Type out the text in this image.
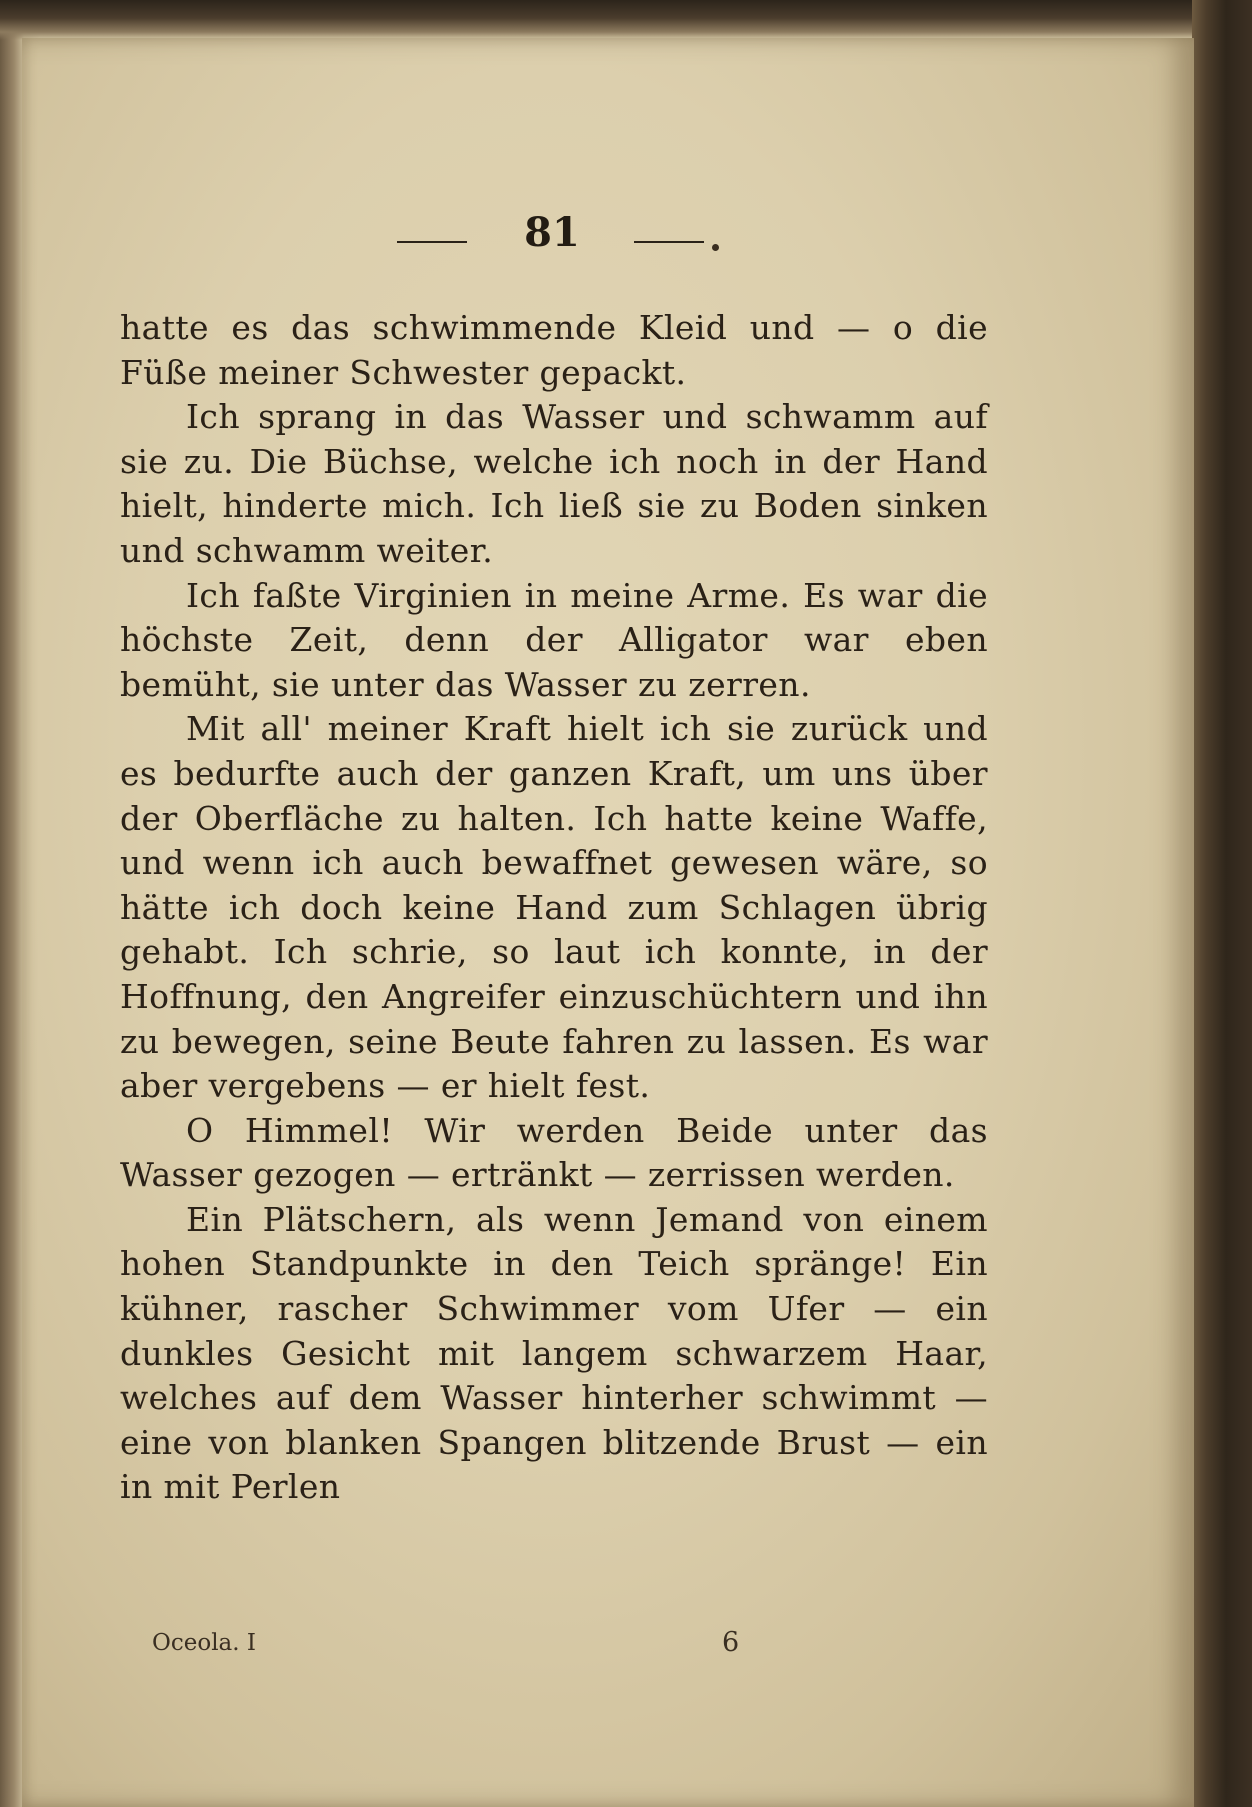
81

hatte es das schwimmende Kleid und — o die Füße meiner Schwester gepackt.

Ich sprang in das Wasser und schwamm auf sie zu. Die Büchse, welche ich noch in der Hand hielt, hinderte mich. Ich ließ sie zu Boden sinken und schwamm weiter.

Ich faßte Virginien in meine Arme. Es war die höchste Zeit, denn der Alligator war eben bemüht, sie unter das Wasser zu zerren.

Mit all' meiner Kraft hielt ich sie zurück und es bedurfte auch der ganzen Kraft, um uns über der Oberfläche zu halten. Ich hatte keine Waffe, und wenn ich auch bewaffnet gewesen wäre, so hätte ich doch keine Hand zum Schlagen übrig gehabt. Ich schrie, so laut ich konnte, in der Hoffnung, den Angreifer einzuschüchtern und ihn zu bewegen, seine Beute fahren zu lassen. Es war aber vergebens — er hielt fest.

O Himmel! Wir werden Beide unter das Wasser gezogen — ertränkt — zerrissen werden.

Ein Plätschern, als wenn Jemand von einem hohen Standpunkte in den Teich spränge! Ein kühner, rascher Schwimmer vom Ufer — ein dunkles Gesicht mit langem schwarzem Haar, welches auf dem Wasser hinterher schwimmt — eine von blanken Spangen blitzende Brust — ein in mit Perlen

Oceola. I	6
